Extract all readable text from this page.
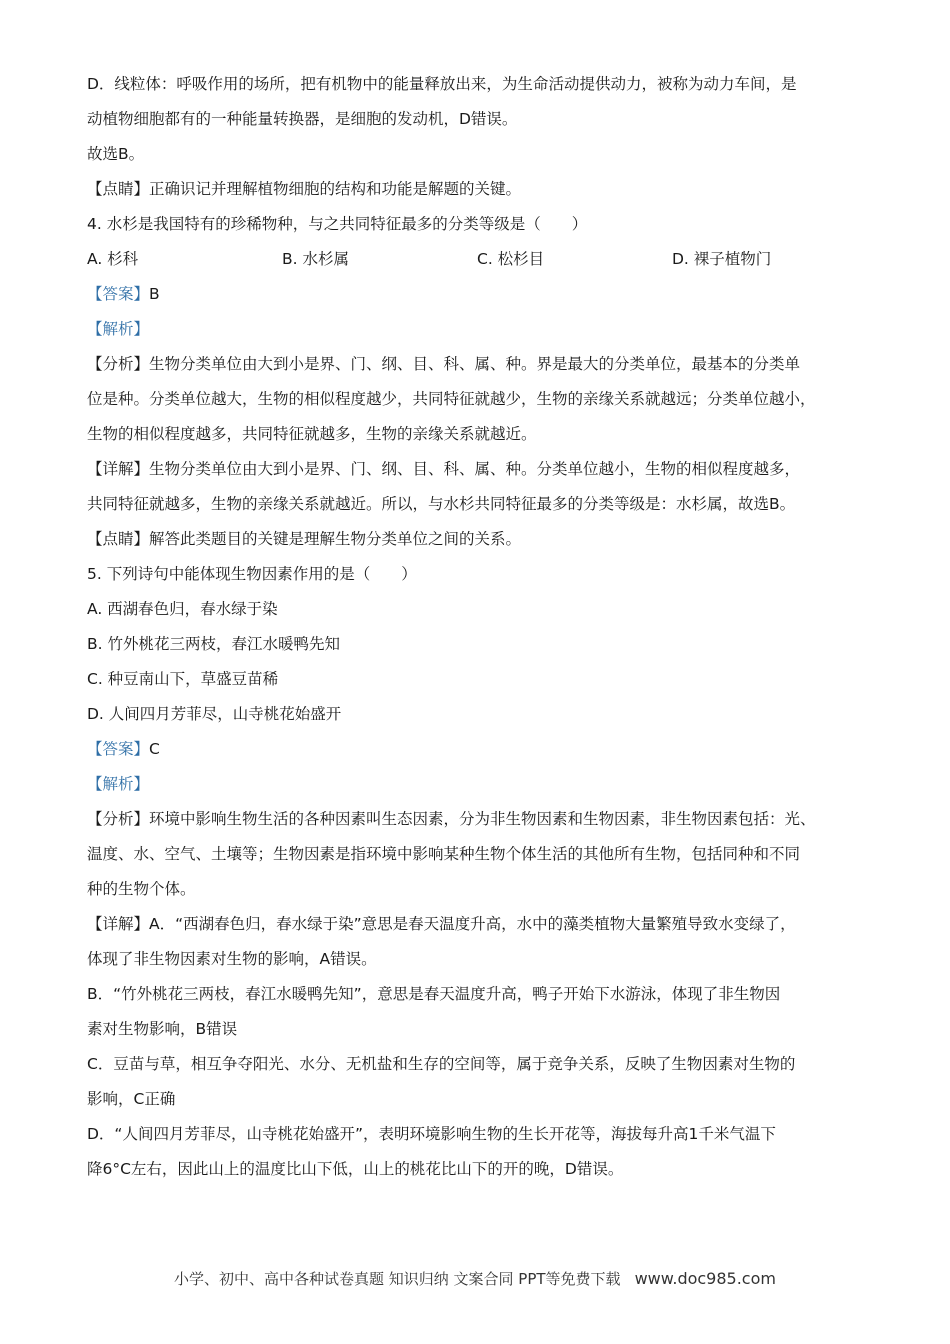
D．线粒体：呼吸作用的场所，把有机物中的能量释放出来，为生命活动提供动力，被称为动力车间，是

动植物细胞都有的一种能量转换器，是细胞的发动机，D错误。

故选B。

【点睛】正确识记并理解植物细胞的结构和功能是解题的关键。

4. 水杉是我国特有的珍稀物种，与之共同特征最多的分类等级是（　　）

A. 杉科	B. 水杉属	C. 松杉目	D. 裸子植物门

【答案】B

【解析】

【分析】生物分类单位由大到小是界、门、纲、目、科、属、种。界是最大的分类单位，最基本的分类单

位是种。分类单位越大，生物的相似程度越少，共同特征就越少，生物的亲缘关系就越远；分类单位越小，

生物的相似程度越多，共同特征就越多，生物的亲缘关系就越近。

【详解】生物分类单位由大到小是界、门、纲、目、科、属、种。分类单位越小，生物的相似程度越多，

共同特征就越多，生物的亲缘关系就越近。所以，与水杉共同特征最多的分类等级是：水杉属，故选B。

【点睛】解答此类题目的关键是理解生物分类单位之间的关系。

5. 下列诗句中能体现生物因素作用的是（　　）

A. 西湖春色归，春水绿于染

B. 竹外桃花三两枝，春江水暖鸭先知

C. 种豆南山下，草盛豆苗稀

D. 人间四月芳菲尽，山寺桃花始盛开

【答案】C

【解析】

【分析】环境中影响生物生活的各种因素叫生态因素，分为非生物因素和生物因素，非生物因素包括：光、

温度、水、空气、土壤等；生物因素是指环境中影响某种生物个体生活的其他所有生物，包括同种和不同

种的生物个体。

【详解】A．“西湖春色归，春水绿于染”意思是春天温度升高，水中的藻类植物大量繁殖导致水变绿了，

体现了非生物因素对生物的影响，A错误。

B．“竹外桃花三两枝，春江水暖鸭先知”，意思是春天温度升高，鸭子开始下水游泳，体现了非生物因

素对生物影响，B错误

C．豆苗与草，相互争夺阳光、水分、无机盐和生存的空间等，属于竞争关系，反映了生物因素对生物的

影响，C正确

D．“人间四月芳菲尽，山寺桃花始盛开”，表明环境影响生物的生长开花等，海拔每升高1千米气温下

降6°C左右，因此山上的温度比山下低，山上的桃花比山下的开的晚，D错误。

小学、初中、高中各种试卷真题 知识归纳 文案合同 PPT等免费下载 www.doc985.com
